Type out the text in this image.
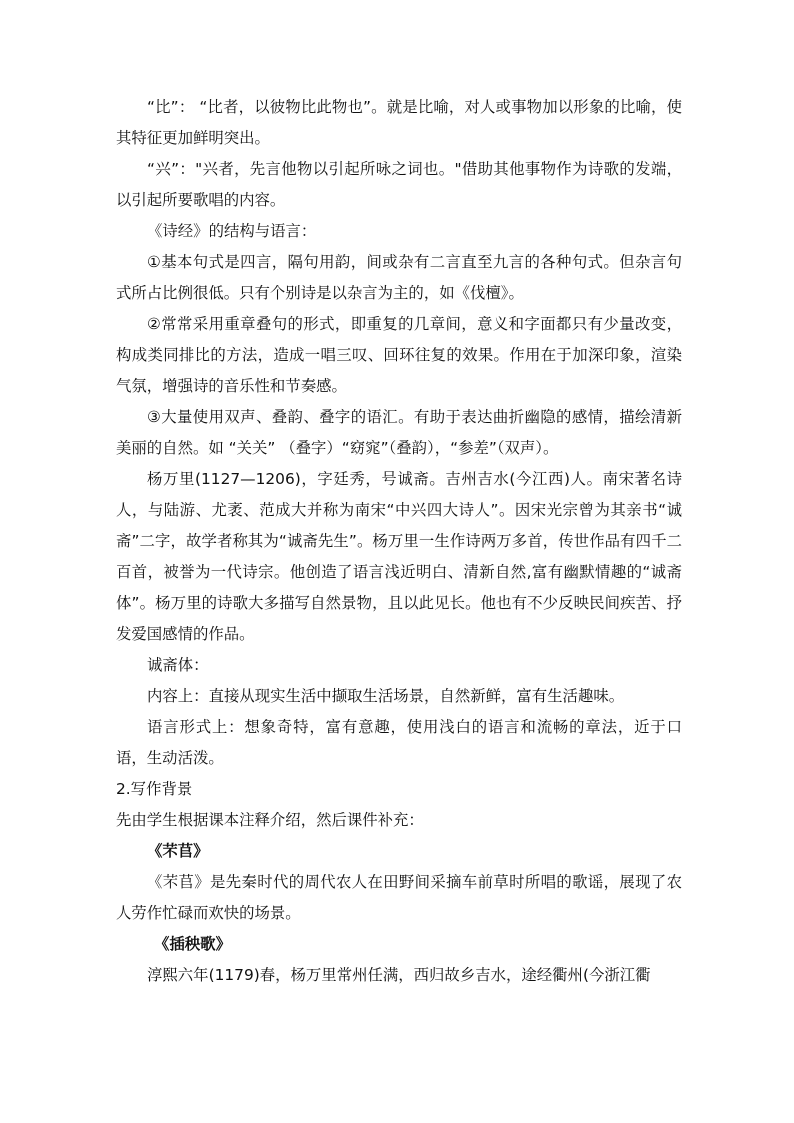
“比”： “比者，以彼物比此物也”。就是比喻，对人或事物加以形象的比喻，使其特征更加鲜明突出。

“兴”："兴者，先言他物以引起所咏之词也。"借助其他事物作为诗歌的发端，以引起所要歌唱的内容。

《诗经》的结构与语言：

①基本句式是四言，隔句用韵，间或杂有二言直至九言的各种句式。但杂言句式所占比例很低。只有个别诗是以杂言为主的，如《伐檀》。

②常常采用重章叠句的形式，即重复的几章间，意义和字面都只有少量改变，构成类同排比的方法，造成一唱三叹、回环往复的效果。作用在于加深印象，渲染气氛，增强诗的音乐性和节奏感。

③大量使用双声、叠韵、叠字的语汇。有助于表达曲折幽隐的感情，描绘清新美丽的自然。如 “关关” （叠字）“窈窕”（叠韵），“参差”（双声）。

杨万里(1127—1206)，字廷秀，号诚斋。吉州吉水(今江西)人。南宋著名诗人，与陆游、尤袤、范成大并称为南宋“中兴四大诗人”。因宋光宗曾为其亲书“诚斋”二字，故学者称其为“诚斋先生”。杨万里一生作诗两万多首，传世作品有四千二百首，被誉为一代诗宗。他创造了语言浅近明白、清新自然,富有幽默情趣的“诚斋体”。杨万里的诗歌大多描写自然景物，且以此见长。他也有不少反映民间疾苦、抒发爱国感情的作品。

诚斋体：

内容上：直接从现实生活中撷取生活场景，自然新鲜，富有生活趣味。

语言形式上：想象奇特，富有意趣，使用浅白的语言和流畅的章法，近于口语，生动活泼。

2.写作背景

先由学生根据课本注释介绍，然后课件补充：

《芣苢》

《芣苢》是先秦时代的周代农人在田野间采摘车前草时所唱的歌谣，展现了农人劳作忙碌而欢快的场景。

《插秧歌》

淳熙六年(1179)春，杨万里常州任满，西归故乡吉水，途经衢州(今浙江衢
